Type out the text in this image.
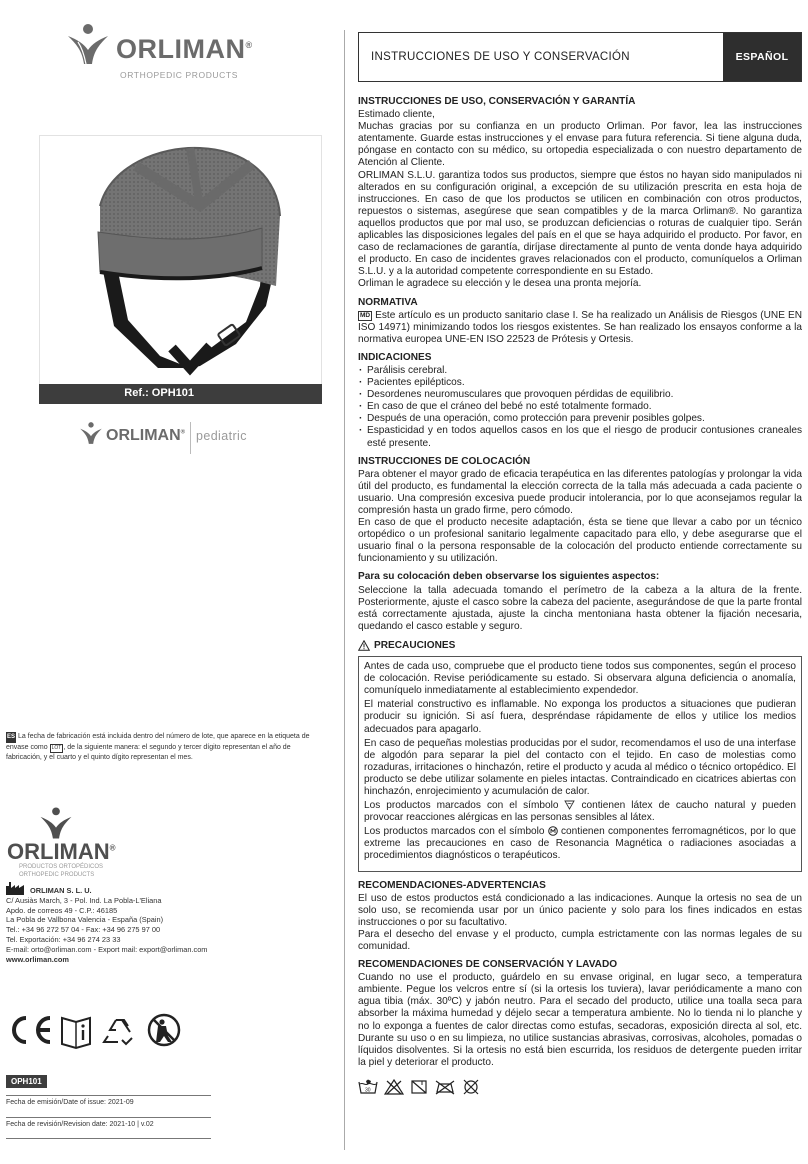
ORLIMAN®
ORTHOPEDIC PRODUCTS
Ref.: OPH101
ORLIMAN® pediatric
ES La fecha de fabricación está incluida dentro del número de lote, que aparece en la etiqueta de envase como LOT , de la siguiente manera: el segundo y tercer dígito representan el año de fabricación, y el cuarto y el quinto dígito representan el mes.
ORLIMAN®
PRODUCTOS ORTOPÉDICOS
ORTHOPEDIC PRODUCTS
ORLIMAN S. L. U.
C/ Ausiàs March, 3 - Pol. Ind. La Pobla-L'Eliana
Apdo. de correos 49 - C.P.: 46185
La Pobla de Vallbona Valencia - España (Spain)
Tel.: +34 96 272 57 04 - Fax: +34 96 275 97 00
Tel. Exportación: +34 96 274 23 33
E-mail: orto@orliman.com - Export mail: export@orliman.com
www.orliman.com
OPH101
Fecha de emisión/Date of issue: 2021-09
Fecha de revisión/Revision date: 2021-10 | v.02
INSTRUCCIONES DE USO Y CONSERVACIÓN	ESPAÑOL
INSTRUCCIONES DE USO, CONSERVACIÓN Y GARANTÍA

Estimado cliente,

Muchas gracias por su confianza en un producto Orliman. Por favor, lea las instrucciones atentamente. Guarde estas instrucciones y el envase para futura referencia. Si tiene alguna duda, póngase en contacto con su médico, su ortopedia especializada o con nuestro departamento de Atención al Cliente.

ORLIMAN S.L.U. garantiza todos sus productos, siempre que éstos no hayan sido manipulados ni alterados en su configuración original, a excepción de su utilización prescrita en esta hoja de instrucciones. En caso de que los productos se utilicen en combinación con otros productos, repuestos o sistemas, asegúrese que sean compatibles y de la marca Orliman®. No garantiza aquellos productos que por mal uso, se produzcan deficiencias o roturas de cualquier tipo. Serán aplicables las disposiciones legales del país en el que se haya adquirido el producto. Por favor, en caso de reclamaciones de garantía, diríjase directamente al punto de venta donde haya adquirido el producto. En caso de incidentes graves relacionados con el producto, comuníquelos a Orliman S.L.U. y a la autoridad competente correspondiente en su Estado.

Orliman le agradece su elección y le desea una pronta mejoría.

NORMATIVA

MD Este artículo es un producto sanitario clase I. Se ha realizado un Análisis de Riesgos (UNE EN ISO 14971) minimizando todos los riesgos existentes. Se han realizado los ensayos conforme a la normativa europea UNE-EN ISO 22523 de Prótesis y Ortesis.

INDICACIONES
· Parálisis cerebral.
· Pacientes epilépticos.
· Desordenes neuromusculares que provoquen pérdidas de equilibrio.
· En caso de que el cráneo del bebé no esté totalmente formado.
· Después de una operación, como protección para prevenir posibles golpes.
· Espasticidad y en todos aquellos casos en los que el riesgo de producir contusiones craneales esté presente.
INSTRUCCIONES DE COLOCACIÓN

Para obtener el mayor grado de eficacia terapéutica en las diferentes patologías y prolongar la vida útil del producto, es fundamental la elección correcta de la talla más adecuada a cada paciente o usuario. Una compresión excesiva puede producir intolerancia, por lo que aconsejamos regular la compresión hasta un grado firme, pero cómodo.

En caso de que el producto necesite adaptación, ésta se tiene que llevar a cabo por un técnico ortopédico o un profesional sanitario legalmente capacitado para ello, y debe asegurarse que el usuario final o la persona responsable de la colocación del producto entiende correctamente su funcionamiento y su utilización.

Para su colocación deben observarse los siguientes aspectos:

Seleccione la talla adecuada tomando el perímetro de la cabeza a la altura de la frente. Posteriormente, ajuste el casco sobre la cabeza del paciente, asegurándose de que la parte frontal está correctamente ajustada, ajuste la cincha mentoniana hasta obtener la fijación necesaria, quedando el casco estable y seguro.

PRECAUCIONES

Antes de cada uso, compruebe que el producto tiene todos sus componentes, según el proceso de colocación. Revise periódicamente su estado. Si observara alguna deficiencia o anomalía, comuníquelo inmediatamente al establecimiento expendedor.

El material constructivo es inflamable. No exponga los productos a situaciones que pudieran producir su ignición. Si así fuera, despréndase rápidamente de ellos y utilice los medios adecuados para apagarlo.

En caso de pequeñas molestias producidas por el sudor, recomendamos el uso de una interfase de algodón para separar la piel del contacto con el tejido. En caso de molestias como rozaduras, irritaciones o hinchazón, retire el producto y acuda al médico o técnico ortopédico. El producto se debe utilizar solamente en pieles intactas. Contraindicado en cicatrices abiertas con hinchazón, enrojecimiento y acumulación de calor.

Los productos marcados con el símbolo contienen látex de caucho natural y pueden provocar reacciones alérgicas en las personas sensibles al látex.

Los productos marcados con el símbolo contienen componentes ferromagnéticos, por lo que extreme las precauciones en caso de Resonancia Magnética o radiaciones asociadas a procedimientos diagnósticos o terapéuticos.

RECOMENDACIONES-ADVERTENCIAS

El uso de estos productos está condicionado a las indicaciones. Aunque la ortesis no sea de un solo uso, se recomienda usar por un único paciente y solo para los fines indicados en estas instrucciones o por su facultativo.

Para el desecho del envase y el producto, cumpla estrictamente con las normas legales de su comunidad.

RECOMENDACIONES DE CONSERVACIÓN Y LAVADO

Cuando no use el producto, guárdelo en su envase original, en lugar seco, a temperatura ambiente. Pegue los velcros entre sí (si la ortesis los tuviera), lavar periódicamente a mano con agua tibia (máx. 30ºC) y jabón neutro. Para el secado del producto, utilice una toalla seca para absorber la máxima humedad y déjelo secar a temperatura ambiente. No lo tienda ni lo planche y no lo exponga a fuentes de calor directas como estufas, secadoras, exposición directa al sol, etc. Durante su uso o en su limpieza, no utilice sustancias abrasivas, corrosivas, alcoholes, pomadas o líquidos disolventes. Si la ortesis no está bien escurrida, los residuos de detergente pueden irritar la piel y deteriorar el producto.

30
